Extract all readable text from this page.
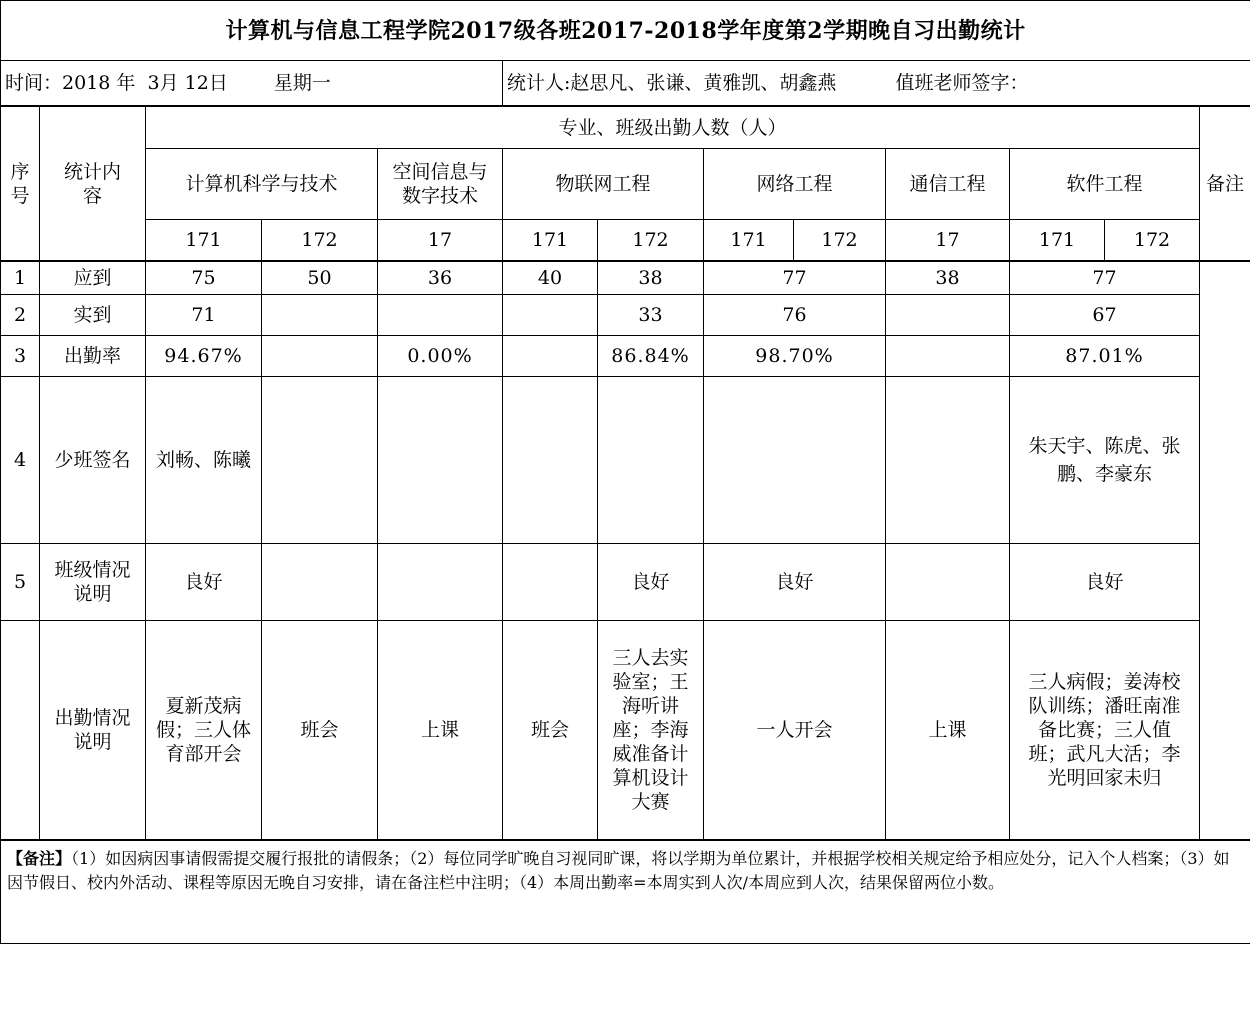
计算机与信息工程学院2017级各班2017-2018学年度第2学期晚自习出勤统计												
时间：2018 年 3月 12日 星期一					统计人:赵思凡、张谦、黄雅凯、胡鑫燕				值班老师签字：			
序号	统计内容	专业、班级出勤人数（人）										备注
		计算机科学与技术		空间信息与数字技术	物联网工程		网络工程		通信工程	软件工程		
		171	172	17	171	172	171	172	17	171	172	
1	应到	75	50	36	40	38	77		38	77		
2	实到	71				33	76			67		
3	出勤率	94.67%		0.00%		86.84%	98.70%			87.01%		
4	少班签名	刘畅、陈曦								朱天宇、陈虎、张鹏、李豪东		
5	班级情况说明	良好				良好	良好			良好		
	出勤情况说明	夏新茂病假；三人体育部开会	班会	上课	班会	三人去实验室；王海听讲座；李海威准备计算机设计大赛	一人开会		上课	三人病假；姜涛校队训练；潘旺南准备比赛；三人值班；武凡大活；李光明回家未归		
【备注】（1）如因病因事请假需提交履行报批的请假条；（2）每位同学旷晚自习视同旷课，将以学期为单位累计，并根据学校相关规定给予相应处分，记入个人档案；（3）如因节假日、校内外活动、课程等原因无晚自习安排，请在备注栏中注明；（4）本周出勤率=本周实到人次/本周应到人次，结果保留两位小数。												
